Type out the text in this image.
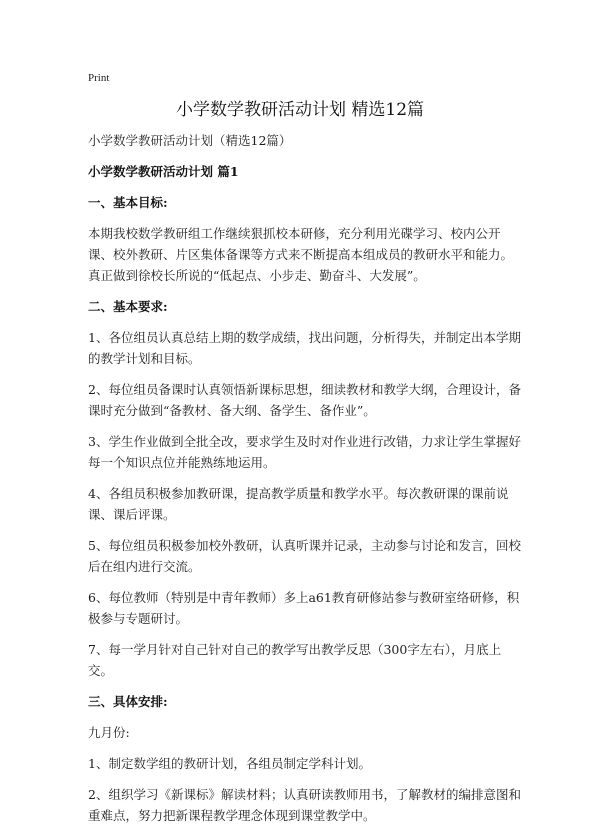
Print
小学数学教研活动计划 精选12篇

小学数学教研活动计划（精选12篇）

小学数学教研活动计划 篇1

一、基本目标:

本期我校数学教研组工作继续狠抓校本研修，充分利用光碟学习、校内公开课、校外教研、片区集体备课等方式来不断提高本组成员的教研水平和能力。真正做到徐校长所说的“低起点、小步走、勤奋斗、大发展”。

二、基本要求:

1、各位组员认真总结上期的数学成绩，找出问题，分析得失，并制定出本学期的教学计划和目标。

2、每位组员备课时认真领悟新课标思想，细读教材和教学大纲，合理设计，备课时充分做到“备教材、备大纲、备学生、备作业”。

3、学生作业做到全批全改，要求学生及时对作业进行改错，力求让学生掌握好每一个知识点位并能熟练地运用。

4、各组员积极参加教研课，提高教学质量和教学水平。每次教研课的课前说课、课后评课。

5、每位组员积极参加校外教研，认真听课并记录，主动参与讨论和发言，回校后在组内进行交流。

6、每位教师（特别是中青年教师）多上a61教育研修站参与教研室络研修，积极参与专题研讨。

7、每一学月针对自己针对自己的教学写出教学反思（300字左右），月底上交。

三、具体安排:

九月份:

1、制定数学组的教研计划，各组员制定学科计划。

2、组织学习《新课标》解读材料；认真研读教师用书，了解教材的编排意图和重难点，努力把新课程教学理念体现到课堂教学中。
